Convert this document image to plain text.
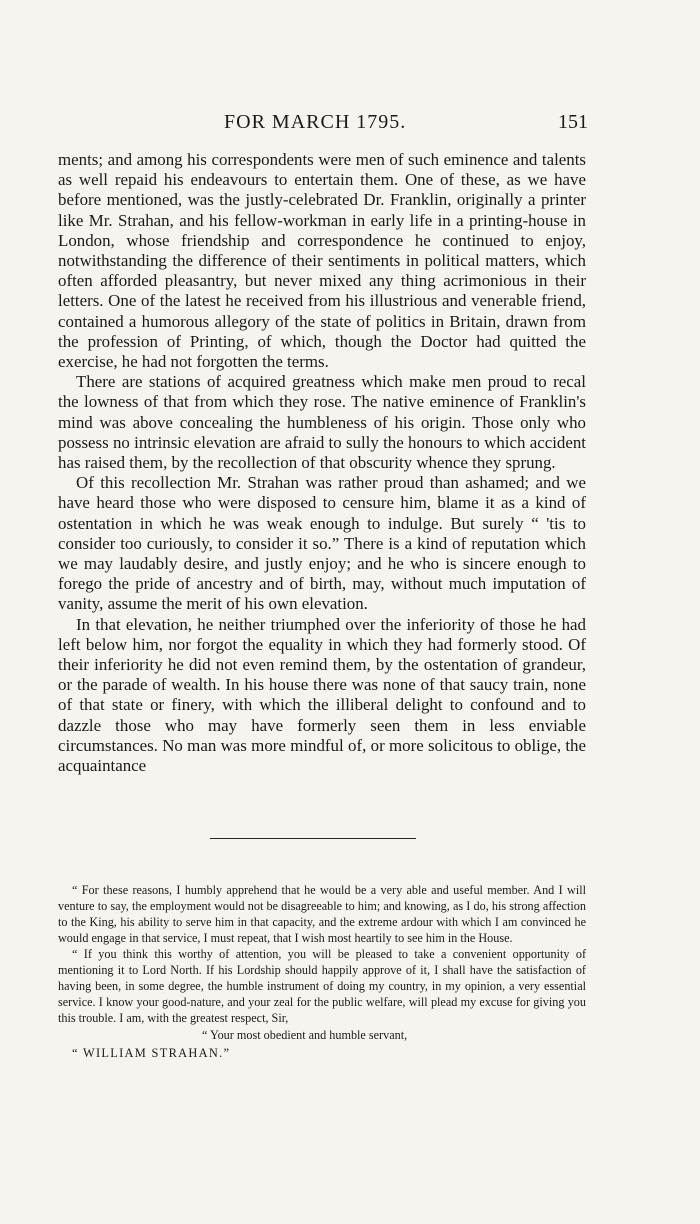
FOR MARCH 1795.	151

ments; and among his correspondents were men of such eminence and talents as well repaid his endeavours to entertain them. One of these, as we have before mentioned, was the justly-celebrated Dr. Franklin, originally a printer like Mr. Strahan, and his fellow-workman in early life in a printing-house in London, whose friendship and correspondence he continued to enjoy, notwithstanding the difference of their sentiments in political matters, which often afforded pleasantry, but never mixed any thing acrimonious in their letters. One of the latest he received from his illustrious and venerable friend, contained a humorous allegory of the state of politics in Britain, drawn from the profession of Printing, of which, though the Doctor had quitted the exercise, he had not forgotten the terms.

There are stations of acquired greatness which make men proud to recal the lowness of that from which they rose. The native eminence of Franklin's mind was above concealing the humbleness of his origin. Those only who possess no intrinsic elevation are afraid to sully the honours to which accident has raised them, by the recollection of that obscurity whence they sprung.

Of this recollection Mr. Strahan was rather proud than ashamed; and we have heard those who were disposed to censure him, blame it as a kind of ostentation in which he was weak enough to indulge. But surely “ 'tis to consider too curiously, to consider it so.” There is a kind of reputation which we may laudably desire, and justly enjoy; and he who is sincere enough to forego the pride of ancestry and of birth, may, without much imputation of vanity, assume the merit of his own elevation.

In that elevation, he neither triumphed over the inferiority of those he had left below him, nor forgot the equality in which they had formerly stood. Of their inferiority he did not even remind them, by the ostentation of grandeur, or the parade of wealth. In his house there was none of that saucy train, none of that state or finery, with which the illiberal delight to confound and to dazzle those who may have formerly seen them in less enviable circumstances. No man was more mindful of, or more solicitous to oblige, the acquaintance

“ For these reasons, I humbly apprehend that he would be a very able and useful member. And I will venture to say, the employment would not be disagreeable to him; and knowing, as I do, his strong affection to the King, his ability to serve him in that capacity, and the extreme ardour with which I am convinced he would engage in that service, I must repeat, that I wish most heartily to see him in the House.

“ If you think this worthy of attention, you will be pleased to take a convenient opportunity of mentioning it to Lord North. If his Lordship should happily approve of it, I shall have the satisfaction of having been, in some degree, the humble instrument of doing my country, in my opinion, a very essential service. I know your good-nature, and your zeal for the public welfare, will plead my excuse for giving you this trouble. I am, with the greatest respect, Sir,

“ Your most obedient and humble servant,

“ WILLIAM STRAHAN.”
